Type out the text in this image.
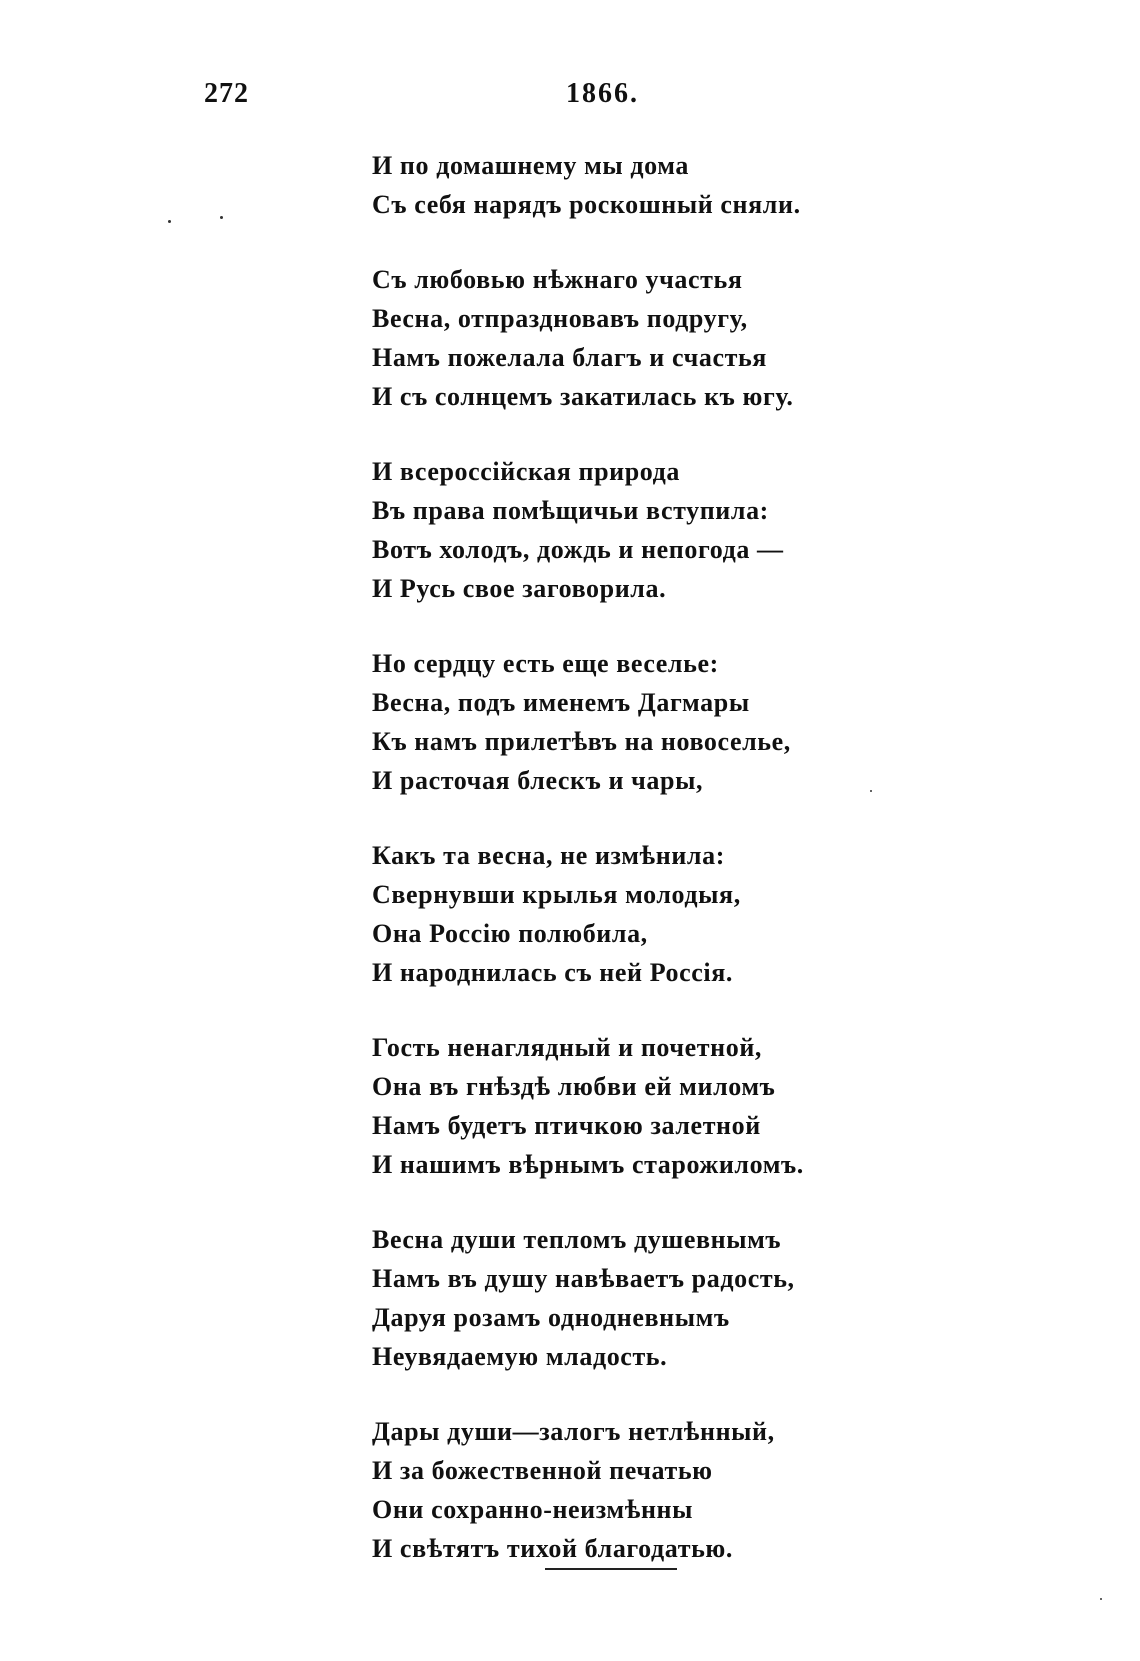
272	1866.
И по домашнему мы дома
Съ себя нарядъ роскошный сняли.
Съ любовью нѣжнаго участья
Весна, отпраздновавъ подругу,
Намъ пожелала благъ и счастья
И съ солнцемъ закатилась къ югу.
И всероссійская природа
Въ права помѣщичьи вступила:
Вотъ холодъ, дождь и непогода —
И Русь свое заговорила.
Но сердцу есть еще веселье:
Весна, подъ именемъ Дагмары
Къ намъ прилетѣвъ на новоселье,
И расточая блескъ и чары,
Какъ та весна, не измѣнила:
Свернувши крылья молодыя,
Она Россію полюбила,
И народнилась съ ней Россія.
Гость ненаглядный и почетной,
Она въ гнѣздѣ любви ей миломъ
Намъ будетъ птичкою залетной
И нашимъ вѣрнымъ старожиломъ.
Весна души тепломъ душевнымъ
Намъ въ душу навѣваетъ радость,
Даруя розамъ однодневнымъ
Неувядаемую младость.
Дары души—залогъ нетлѣнный,
И за божественной печатью
Они сохранно-неизмѣнны
И свѣтятъ тихой благодатью.
